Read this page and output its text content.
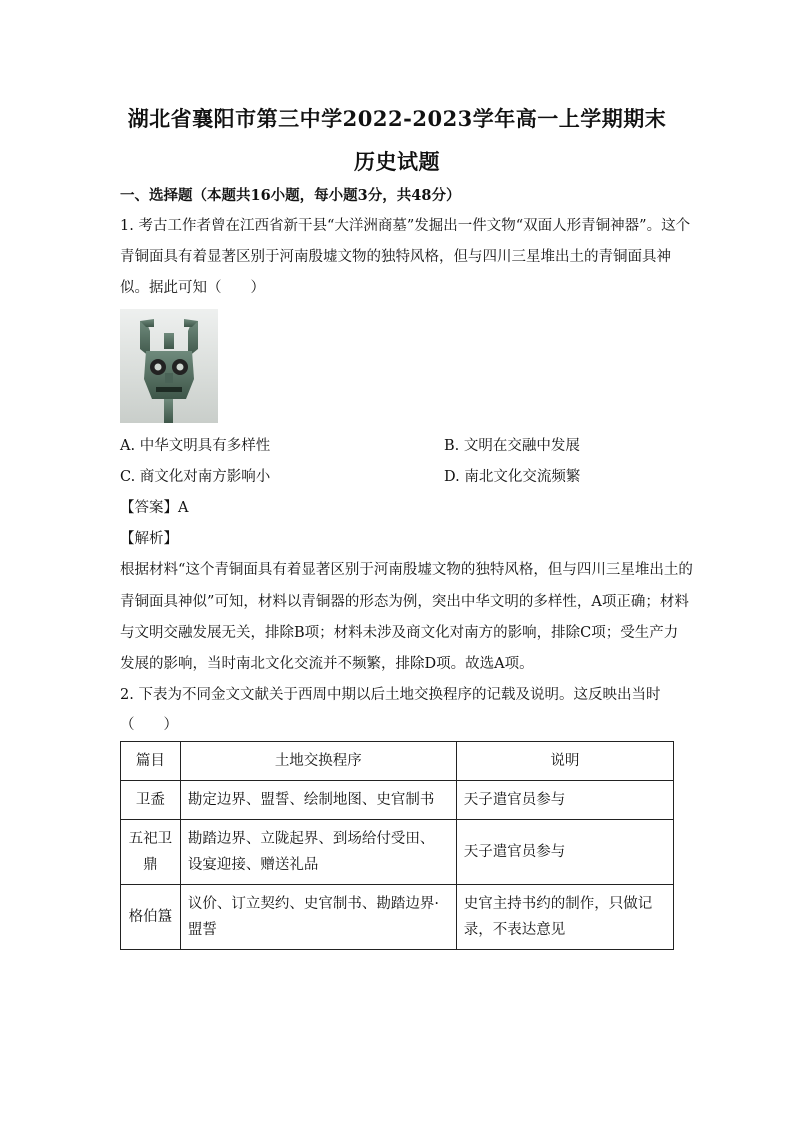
湖北省襄阳市第三中学2022-2023学年高一上学期期末
历史试题
一、选择题（本题共16小题，每小题3分，共48分）
1. 考古工作者曾在江西省新干县“大洋洲商墓”发掘出一件文物“双面人形青铜神器”。这个
青铜面具有着显著区别于河南殷墟文物的独特风格，但与四川三星堆出土的青铜面具神
似。据此可知（　　）
A. 中华文明具有多样性	B. 文明在交融中发展
C. 商文化对南方影响小	D. 南北文化交流频繁
【答案】A
【解析】
根据材料“这个青铜面具有着显著区别于河南殷墟文物的独特风格，但与四川三星堆出土的
青铜面具神似”可知，材料以青铜器的形态为例，突出中华文明的多样性，A项正确；材料
与文明交融发展无关，排除B项；材料未涉及商文化对南方的影响，排除C项；受生产力
发展的影响，当时南北文化交流并不频繁，排除D项。故选A项。
2. 下表为不同金文文献关于西周中期以后土地交换程序的记载及说明。这反映出当时
（　　）
篇目	土地交换程序	说明
卫盉	勘定边界、盟誓、绘制地图、史官制书	天子遣官员参与
五祀卫鼎	勘踏边界、立陇起界、到场给付受田、设宴迎接、赠送礼品	天子遣官员参与
格伯簋	议价、订立契约、史官制书、勘踏边界·盟誓	史官主持书约的制作，只做记录，不表达意见
